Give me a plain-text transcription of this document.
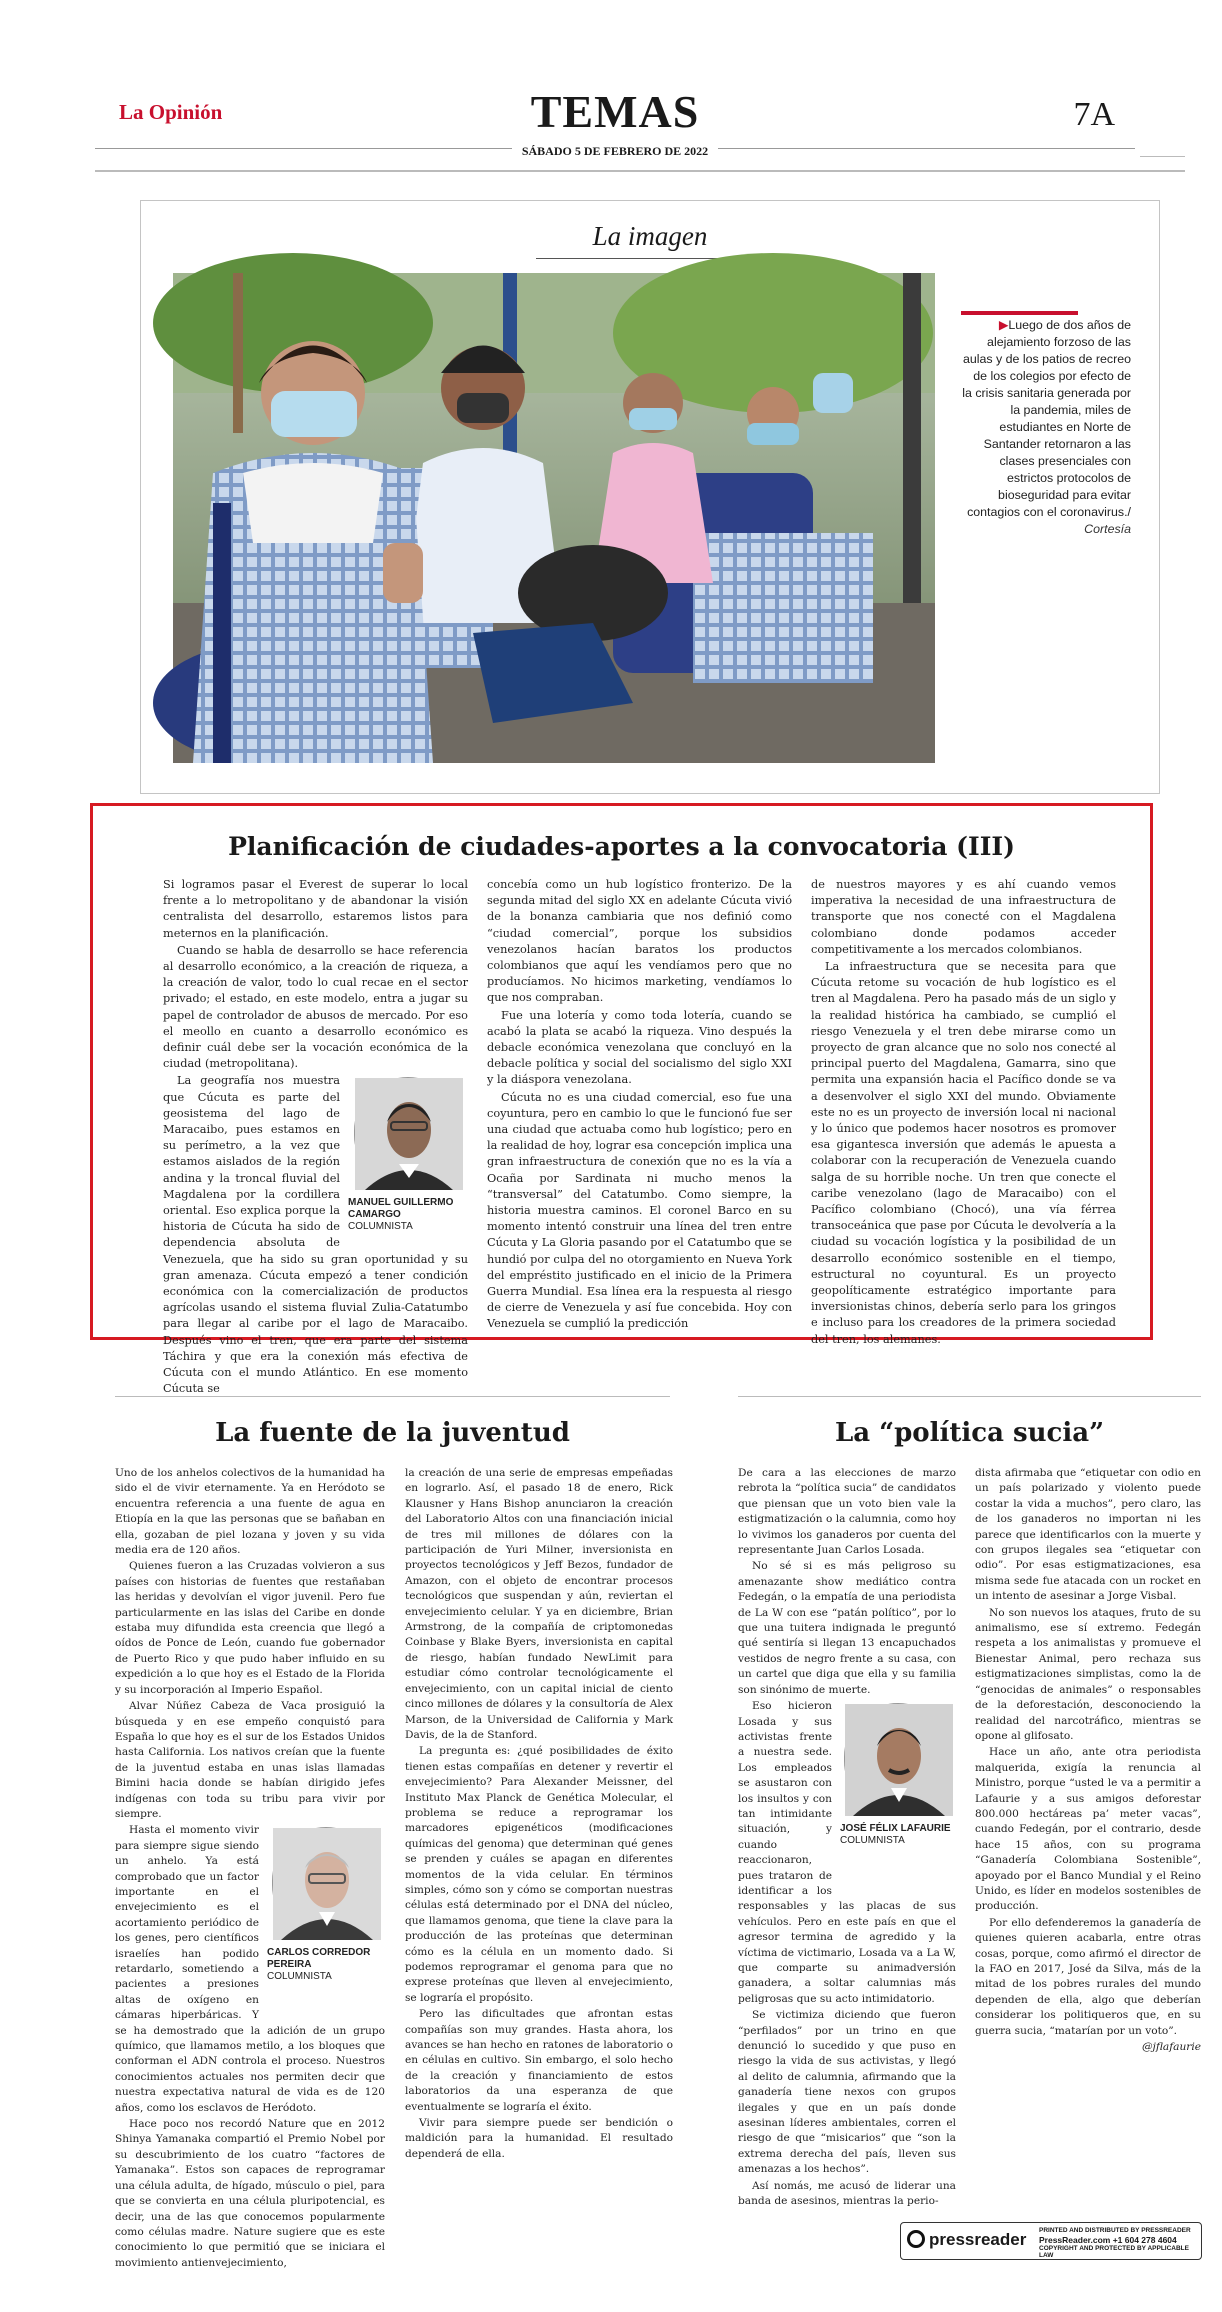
La Opinión	TEMAS	7A
SÁBADO 5 DE FEBRERO DE 2022
La imagen
▶Luego de dos años de alejamiento forzoso de las aulas y de los patios de recreo de los colegios por efecto de la crisis sanitaria generada por la pandemia, miles de estudiantes en Norte de Santander retornaron a las clases presenciales con estrictos protocolos de bioseguridad para evitar contagios con el coronavirus./
Cortesía
Planificación de ciudades-aportes a la convocatoria (III)

Si logramos pasar el Everest de superar lo local frente a lo metropolitano y de abandonar la visión centralista del desarrollo, estaremos listos para meternos en la planificación.

Cuando se habla de desarrollo se hace referencia al desarrollo económico, a la creación de riqueza, a la creación de valor, todo lo cual recae en el sector privado; el estado, en este modelo, entra a jugar su papel de controlador de abusos de mercado. Por eso el meollo en cuanto a desarrollo económico es definir cuál debe ser la vocación económica de la ciudad (metropolitana).

MANUEL GUILLERMO CAMARGO
COLUMNISTA

La geografía nos muestra que Cúcuta es parte del geosistema del lago de Maracaibo, pues estamos en su perímetro, a la vez que estamos aislados de la región andina y la troncal fluvial del Magdalena por la cordillera oriental. Eso explica porque la historia de Cúcuta ha sido de dependencia absoluta de Venezuela, que ha sido su gran oportunidad y su gran amenaza. Cúcuta empezó a tener condición económica con la comercialización de productos agrícolas usando el sistema fluvial Zulia-Catatumbo para llegar al caribe por el lago de Maracaibo. Después vino el tren, que era parte del sistema Táchira y que era la conexión más efectiva de Cúcuta con el mundo Atlántico. En ese momento Cúcuta se

concebía como un hub logístico fronterizo. De la segunda mitad del siglo XX en adelante Cúcuta vivió de la bonanza cambiaria que nos definió como “ciudad comercial”, porque los subsidios venezolanos hacían baratos los productos colombianos que aquí les vendíamos pero que no producíamos. No hicimos marketing, vendíamos lo que nos compraban.

Fue una lotería y como toda lotería, cuando se acabó la plata se acabó la riqueza. Vino después la debacle económica venezolana que concluyó en la debacle política y social del socialismo del siglo XXI y la diáspora venezolana.

Cúcuta no es una ciudad comercial, eso fue una coyuntura, pero en cambio lo que le funcionó fue ser una ciudad que actuaba como hub logístico; pero en la realidad de hoy, lograr esa concepción implica una gran infraestructura de conexión que no es la vía a Ocaña por Sardinata ni mucho menos la “transversal” del Catatumbo. Como siempre, la historia muestra caminos. El coronel Barco en su momento intentó construir una línea del tren entre Cúcuta y La Gloria pasando por el Catatumbo que se hundió por culpa del no otorgamiento en Nueva York del empréstito justificado en el inicio de la Primera Guerra Mundial. Esa línea era la respuesta al riesgo de cierre de Venezuela y así fue concebida. Hoy con Venezuela se cumplió la predicción

de nuestros mayores y es ahí cuando vemos imperativa la necesidad de una infraestructura de transporte que nos conecté con el Magdalena colombiano donde podamos acceder competitivamente a los mercados colombianos.

La infraestructura que se necesita para que Cúcuta retome su vocación de hub logístico es el tren al Magdalena. Pero ha pasado más de un siglo y la realidad histórica ha cambiado, se cumplió el riesgo Venezuela y el tren debe mirarse como un proyecto de gran alcance que no solo nos conecté al principal puerto del Magdalena, Gamarra, sino que permita una expansión hacia el Pacífico donde se va a desenvolver el siglo XXI del mundo. Obviamente este no es un proyecto de inversión local ni nacional y lo único que podemos hacer nosotros es promover esa gigantesca inversión que además le apuesta a colaborar con la recuperación de Venezuela cuando salga de su horrible noche. Un tren que conecte el caribe venezolano (lago de Maracaibo) con el Pacífico colombiano (Chocó), una vía férrea transoceánica que pase por Cúcuta le devolvería a la ciudad su vocación logística y la posibilidad de un desarrollo económico sostenible en el tiempo, estructural no coyuntural. Es un proyecto geopolíticamente estratégico importante para inversionistas chinos, debería serlo para los gringos e incluso para los creadores de la primera sociedad del tren, los alemanes.

La fuente de la juventud

Uno de los anhelos colectivos de la humanidad ha sido el de vivir eternamente. Ya en Heródoto se encuentra referencia a una fuente de agua en Etiopía en la que las personas que se bañaban en ella, gozaban de piel lozana y joven y su vida media era de 120 años.

Quienes fueron a las Cruzadas volvieron a sus países con historias de fuentes que restañaban las heridas y devolvían el vigor juvenil. Pero fue particularmente en las islas del Caribe en donde estaba muy difundida esta creencia que llegó a oídos de Ponce de León, cuando fue gobernador de Puerto Rico y que pudo haber influido en su expedición a lo que hoy es el Estado de la Florida y su incorporación al Imperio Español.

Alvar Núñez Cabeza de Vaca prosiguió la búsqueda y en ese empeño conquistó para España lo que hoy es el sur de los Estados Unidos hasta California. Los nativos creían que la fuente de la juventud estaba en unas islas llamadas Bimini hacia donde se habían dirigido jefes indígenas con toda su tribu para vivir por siempre.

CARLOS CORREDOR PEREIRA
COLUMNISTA

Hasta el momento vivir para siempre sigue siendo un anhelo. Ya está comprobado que un factor importante en el envejecimiento es el acortamiento periódico de los genes, pero científicos israelíes han podido retardarlo, sometiendo a pacientes a presiones altas de oxígeno en cámaras hiperbáricas. Y se ha demostrado que la adición de un grupo químico, que llamamos metilo, a los bloques que conforman el ADN controla el proceso. Nuestros conocimientos actuales nos permiten decir que nuestra expectativa natural de vida es de 120 años, como los esclavos de Heródoto.

Hace poco nos recordó Nature que en 2012 Shinya Yamanaka compartió el Premio Nobel por su descubrimiento de los cuatro “factores de Yamanaka”. Estos son capaces de reprogramar una célula adulta, de hígado, músculo o piel, para que se convierta en una célula pluripotencial, es decir, una de las que conocemos popularmente como células madre. Nature sugiere que es este conocimiento lo que permitió que se iniciara el movimiento antienvejecimiento,

la creación de una serie de empresas empeñadas en lograrlo. Así, el pasado 18 de enero, Rick Klausner y Hans Bishop anunciaron la creación del Laboratorio Altos con una financiación inicial de tres mil millones de dólares con la participación de Yuri Milner, inversionista en proyectos tecnológicos y Jeff Bezos, fundador de Amazon, con el objeto de encontrar procesos tecnológicos que suspendan y aún, reviertan el envejecimiento celular. Y ya en diciembre, Brian Armstrong, de la compañía de criptomonedas Coinbase y Blake Byers, inversionista en capital de riesgo, habían fundado NewLimit para estudiar cómo controlar tecnológicamente el envejecimiento, con un capital inicial de ciento cinco millones de dólares y la consultoría de Alex Marson, de la Universidad de California y Mark Davis, de la de Stanford.

La pregunta es: ¿qué posibilidades de éxito tienen estas compañías en detener y revertir el envejecimiento? Para Alexander Meissner, del Instituto Max Planck de Genética Molecular, el problema se reduce a reprogramar los marcadores epigenéticos (modificaciones químicas del genoma) que determinan qué genes se prenden y cuáles se apagan en diferentes momentos de la vida celular. En términos simples, cómo son y cómo se comportan nuestras células está determinado por el DNA del núcleo, que llamamos genoma, que tiene la clave para la producción de las proteínas que determinan cómo es la célula en un momento dado. Si podemos reprogramar el genoma para que no exprese proteínas que lleven al envejecimiento, se lograría el propósito.

Pero las dificultades que afrontan estas compañías son muy grandes. Hasta ahora, los avances se han hecho en ratones de laboratorio o en células en cultivo. Sin embargo, el solo hecho de la creación y financiamiento de estos laboratorios da una esperanza de que eventualmente se lograría el éxito.

Vivir para siempre puede ser bendición o maldición para la humanidad. El resultado dependerá de ella.

La “política sucia”

De cara a las elecciones de marzo rebrota la “política sucia” de candidatos que piensan que un voto bien vale la estigmatización o la calumnia, como hoy lo vivimos los ganaderos por cuenta del representante Juan Carlos Losada.

No sé si es más peligroso su amenazante show mediático contra Fedegán, o la empatía de una periodista de La W con ese “patán político”, por lo que una tuitera indignada le preguntó qué sentiría si llegan 13 encapuchados vestidos de negro frente a su casa, con un cartel que diga que ella y su familia son sinónimo de muerte.

JOSÉ FÉLIX LAFAURIE
COLUMNISTA

Eso hicieron Losada y sus activistas frente a nuestra sede. Los empleados se asustaron con los insultos y con tan intimidante situación, y cuando reaccionaron, pues trataron de identificar a los responsables y las placas de sus vehículos. Pero en este país en que el agresor termina de agredido y la víctima de victimario, Losada va a La W, que comparte su animadversión ganadera, a soltar calumnias más peligrosas que su acto intimidatorio.

Se victimiza diciendo que fueron “perfilados” por un trino en que denunció lo sucedido y que puso en riesgo la vida de sus activistas, y llegó al delito de calumnia, afirmando que la ganadería tiene nexos con grupos ilegales y que en un país donde asesinan líderes ambientales, corren el riesgo de que “misicarios” que “son la extrema derecha del país, lleven sus amenazas a los hechos”.

Así nomás, me acusó de liderar una banda de asesinos, mientras la perio-

dista afirmaba que “etiquetar con odio en un país polarizado y violento puede costar la vida a muchos”, pero claro, las de los ganaderos no importan ni les parece que identificarlos con la muerte y con grupos ilegales sea “etiquetar con odio”. Por esas estigmatizaciones, esa misma sede fue atacada con un rocket en un intento de asesinar a Jorge Visbal.

No son nuevos los ataques, fruto de su animalismo, ese sí extremo. Fedegán respeta a los animalistas y promueve el Bienestar Animal, pero rechaza sus estigmatizaciones simplistas, como la de “genocidas de animales” o responsables de la deforestación, desconociendo la realidad del narcotráfico, mientras se opone al glifosato.

Hace un año, ante otra periodista malquerida, exigía la renuncia al Ministro, porque “usted le va a permitir a Lafaurie y a sus amigos deforestar 800.000 hectáreas pa’ meter vacas”, cuando Fedegán, por el contrario, desde hace 15 años, con su programa “Ganadería Colombiana Sostenible”, apoyado por el Banco Mundial y el Reino Unido, es líder en modelos sostenibles de producción.

Por ello defenderemos la ganadería de quienes quieren acabarla, entre otras cosas, porque, como afirmó el director de la FAO en 2017, José da Silva, más de la mitad de los pobres rurales del mundo dependen de ella, algo que deberían considerar los politiqueros que, en su guerra sucia, “matarían por un voto”.

@jflafaurie

pressreader PRINTED AND DISTRIBUTED BY PRESSREADER
PressReader.com +1 604 278 4604
COPYRIGHT AND PROTECTED BY APPLICABLE LAW
